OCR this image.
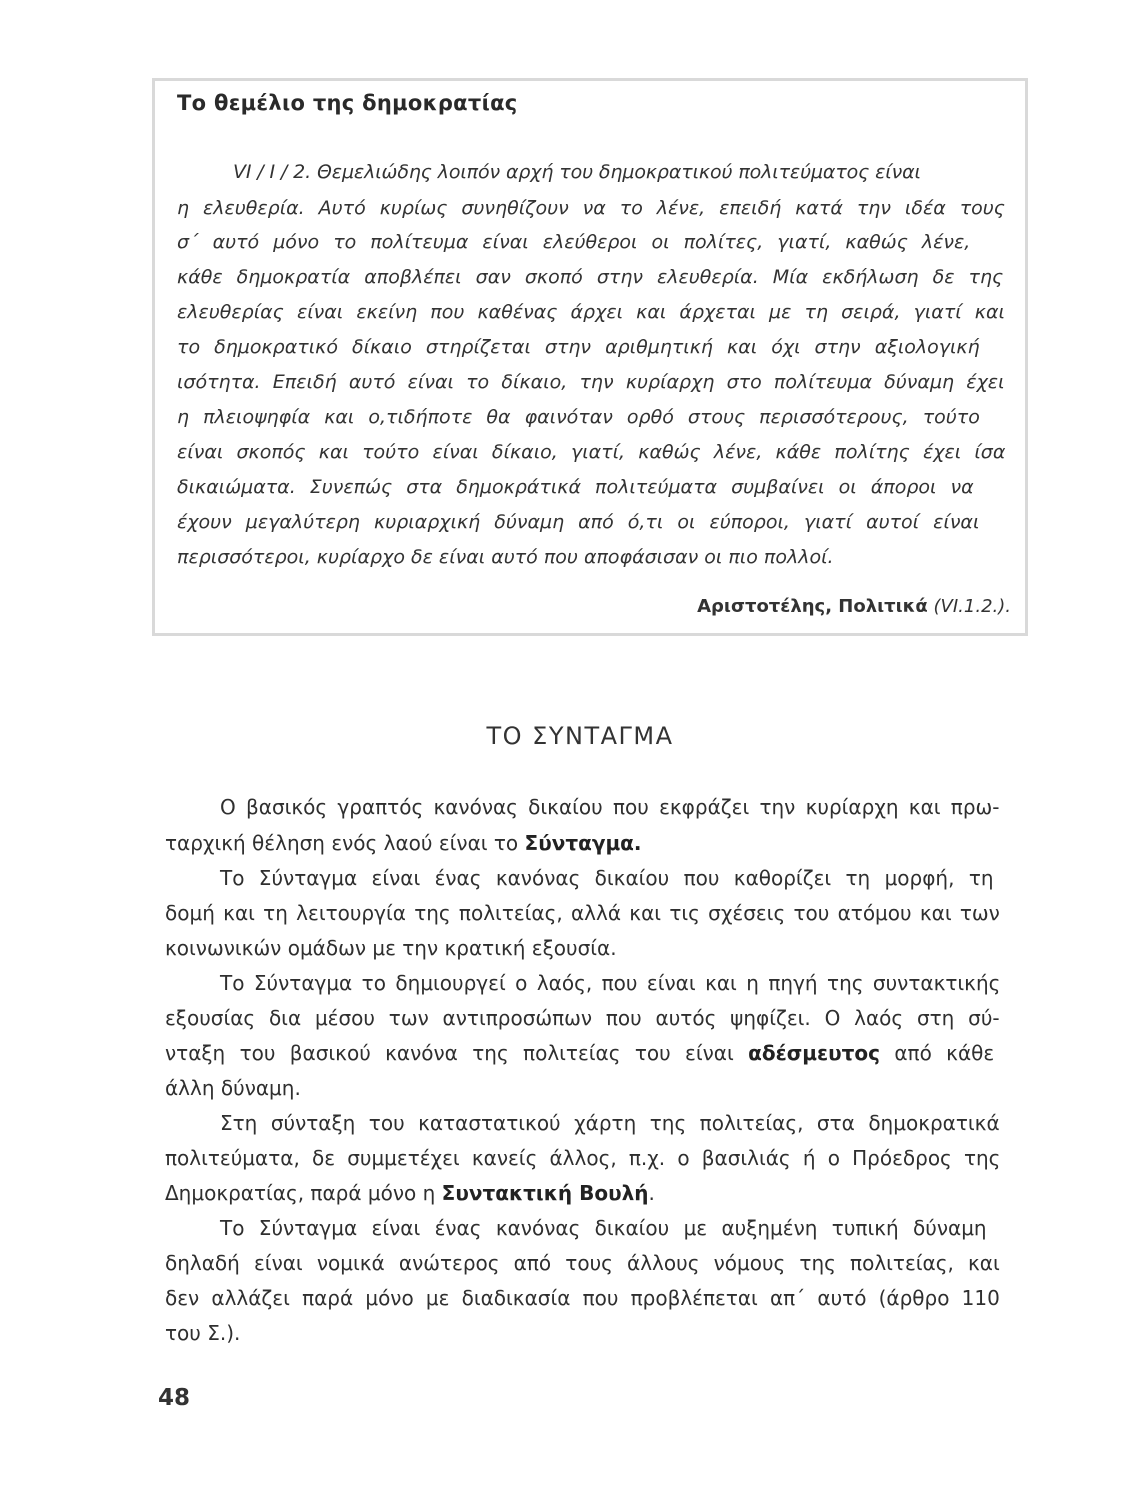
Το θεμέλιο της δημοκρατίας
VI / I / 2. Θεμελιώδης λοιπόν αρχή του δημοκρατικού πολιτεύματος είναι
η ελευθερία. Αυτό κυρίως συνηθίζουν να το λένε, επειδή κατά την ιδέα τους
σ΄ αυτό μόνο το πολίτευμα είναι ελεύθεροι οι πολίτες, γιατί, καθώς λένε,
κάθε δημοκρατία αποβλέπει σαν σκοπό στην ελευθερία. Μία εκδήλωση δε της
ελευθερίας είναι εκείνη που καθένας άρχει και άρχεται με τη σειρά, γιατί και
το δημοκρατικό δίκαιο στηρίζεται στην αριθμητική και όχι στην αξιολογική
ισότητα. Επειδή αυτό είναι το δίκαιο, την κυρίαρχη στο πολίτευμα δύναμη έχει
η πλειοψηφία και ο,τιδήποτε θα φαινόταν ορθό στους περισσότερους, τούτο
είναι σκοπός και τούτο είναι δίκαιο, γιατί, καθώς λένε, κάθε πολίτης έχει ίσα
δικαιώματα. Συνεπώς στα δημοκράτικά πολιτεύματα συμβαίνει οι άποροι να
έχουν μεγαλύτερη κυριαρχική δύναμη από ό,τι οι εύποροι, γιατί αυτοί είναι
περισσότεροι, κυρίαρχο δε είναι αυτό που αποφάσισαν οι πιο πολλοί.
Αριστοτέλης, Πολιτικά (VI.1.2.).
ΤΟ ΣΥΝΤΑΓΜΑ
Ο βασικός γραπτός κανόνας δικαίου που εκφράζει την κυρίαρχη και πρω-
ταρχική θέληση ενός λαού είναι το Σύνταγμα.
Το Σύνταγμα είναι ένας κανόνας δικαίου που καθορίζει τη μορφή, τη
δομή και τη λειτουργία της πολιτείας, αλλά και τις σχέσεις του ατόμου και των
κοινωνικών ομάδων με την κρατική εξουσία.
Το Σύνταγμα το δημιουργεί ο λαός, που είναι και η πηγή της συντακτικής
εξουσίας δια μέσου των αντιπροσώπων που αυτός ψηφίζει. Ο λαός στη σύ-
νταξη του βασικού κανόνα της πολιτείας του είναι αδέσμευτος από κάθε
άλλη δύναμη.
Στη σύνταξη του καταστατικού χάρτη της πολιτείας, στα δημοκρατικά
πολιτεύματα, δε συμμετέχει κανείς άλλος, π.χ. ο βασιλιάς ή ο Πρόεδρος της
Δημοκρατίας, παρά μόνο η Συντακτική Βουλή.
Το Σύνταγμα είναι ένας κανόνας δικαίου με αυξημένη τυπική δύναμη
δηλαδή είναι νομικά ανώτερος από τους άλλους νόμους της πολιτείας, και
δεν αλλάζει παρά μόνο με διαδικασία που προβλέπεται απ΄ αυτό (άρθρο 110
του Σ.).
48
